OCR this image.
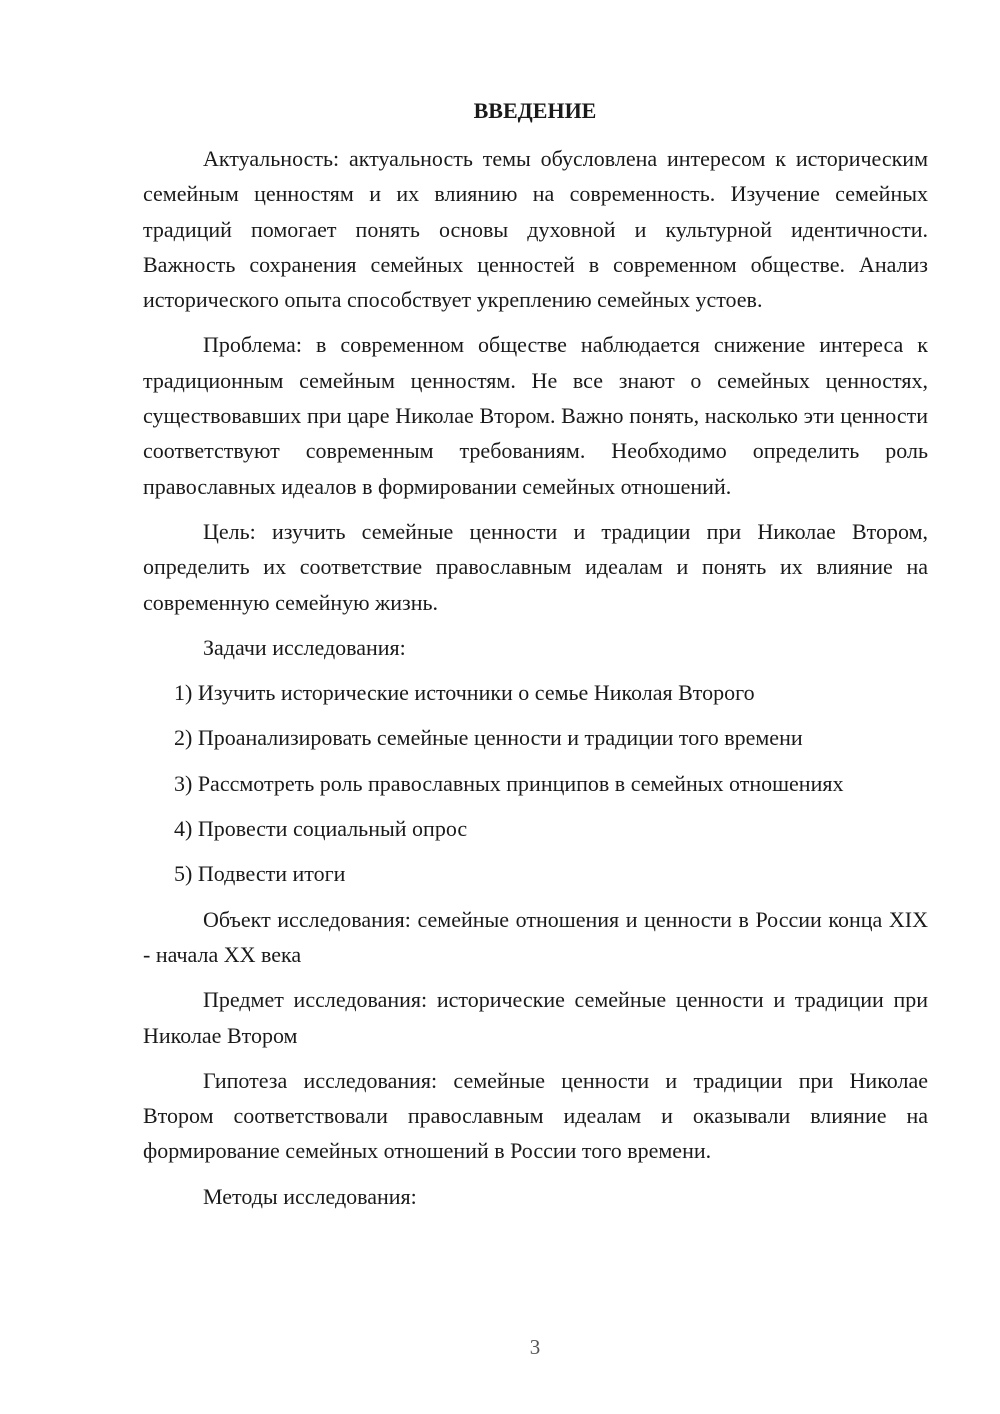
ВВЕДЕНИЕ

Актуальность: актуальность темы обусловлена интересом к историческим семейным ценностям и их влиянию на современность. Изучение семейных традиций помогает понять основы духовной и культурной идентичности. Важность сохранения семейных ценностей в современном обществе. Анализ исторического опыта способствует укреплению семейных устоев.

Проблема: в современном обществе наблюдается снижение интереса к традиционным семейным ценностям. Не все знают о семейных ценностях, существовавших при царе Николае Втором. Важно понять, насколько эти ценности соответствуют современным требованиям. Необходимо определить роль православных идеалов в формировании семейных отношений.

Цель: изучить семейные ценности и традиции при Николае Втором, определить их соответствие православным идеалам и понять их влияние на современную семейную жизнь.

Задачи исследования:

1) Изучить исторические источники о семье Николая Второго

2) Проанализировать семейные ценности и традиции того времени

3) Рассмотреть роль православных принципов в семейных отношениях

4) Провести социальный опрос

5) Подвести итоги

Объект исследования: семейные отношения и ценности в России конца XIX - начала XX века

Предмет исследования: исторические семейные ценности и традиции при Николае Втором

Гипотеза исследования: семейные ценности и традиции при Николае Втором соответствовали православным идеалам и оказывали влияние на формирование семейных отношений в России того времени.

Методы исследования:

3
